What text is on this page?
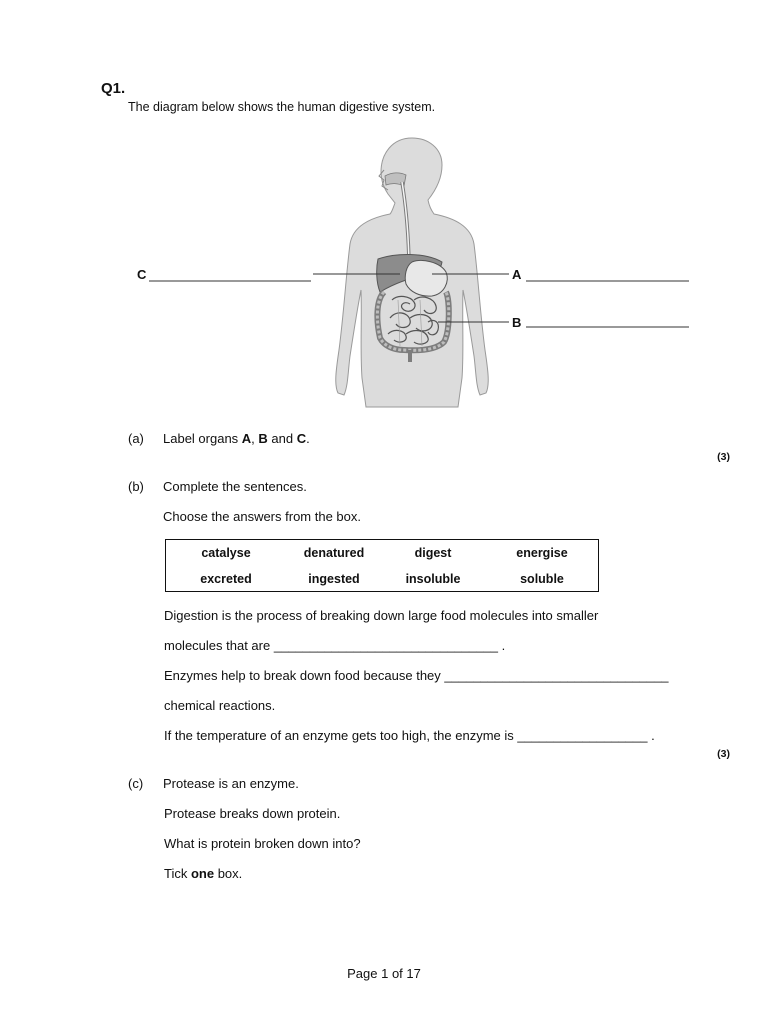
Q1.
The diagram below shows the human digestive system.
C	A
B
(a) Label organs A, B and C.
(3)
(b) Complete the sentences.
Choose the answers from the box.
catalyse	denatured	digest	energise
excreted	ingested	insoluble	soluble
Digestion is the process of breaking down large food molecules into smaller
molecules that are _______________________________ .
Enzymes help to break down food because they _______________________________
chemical reactions.
If the temperature of an enzyme gets too high, the enzyme is __________________ .
(3)
(c) Protease is an enzyme.
Protease breaks down protein.
What is protein broken down into?
Tick one box.
Page 1 of 17
